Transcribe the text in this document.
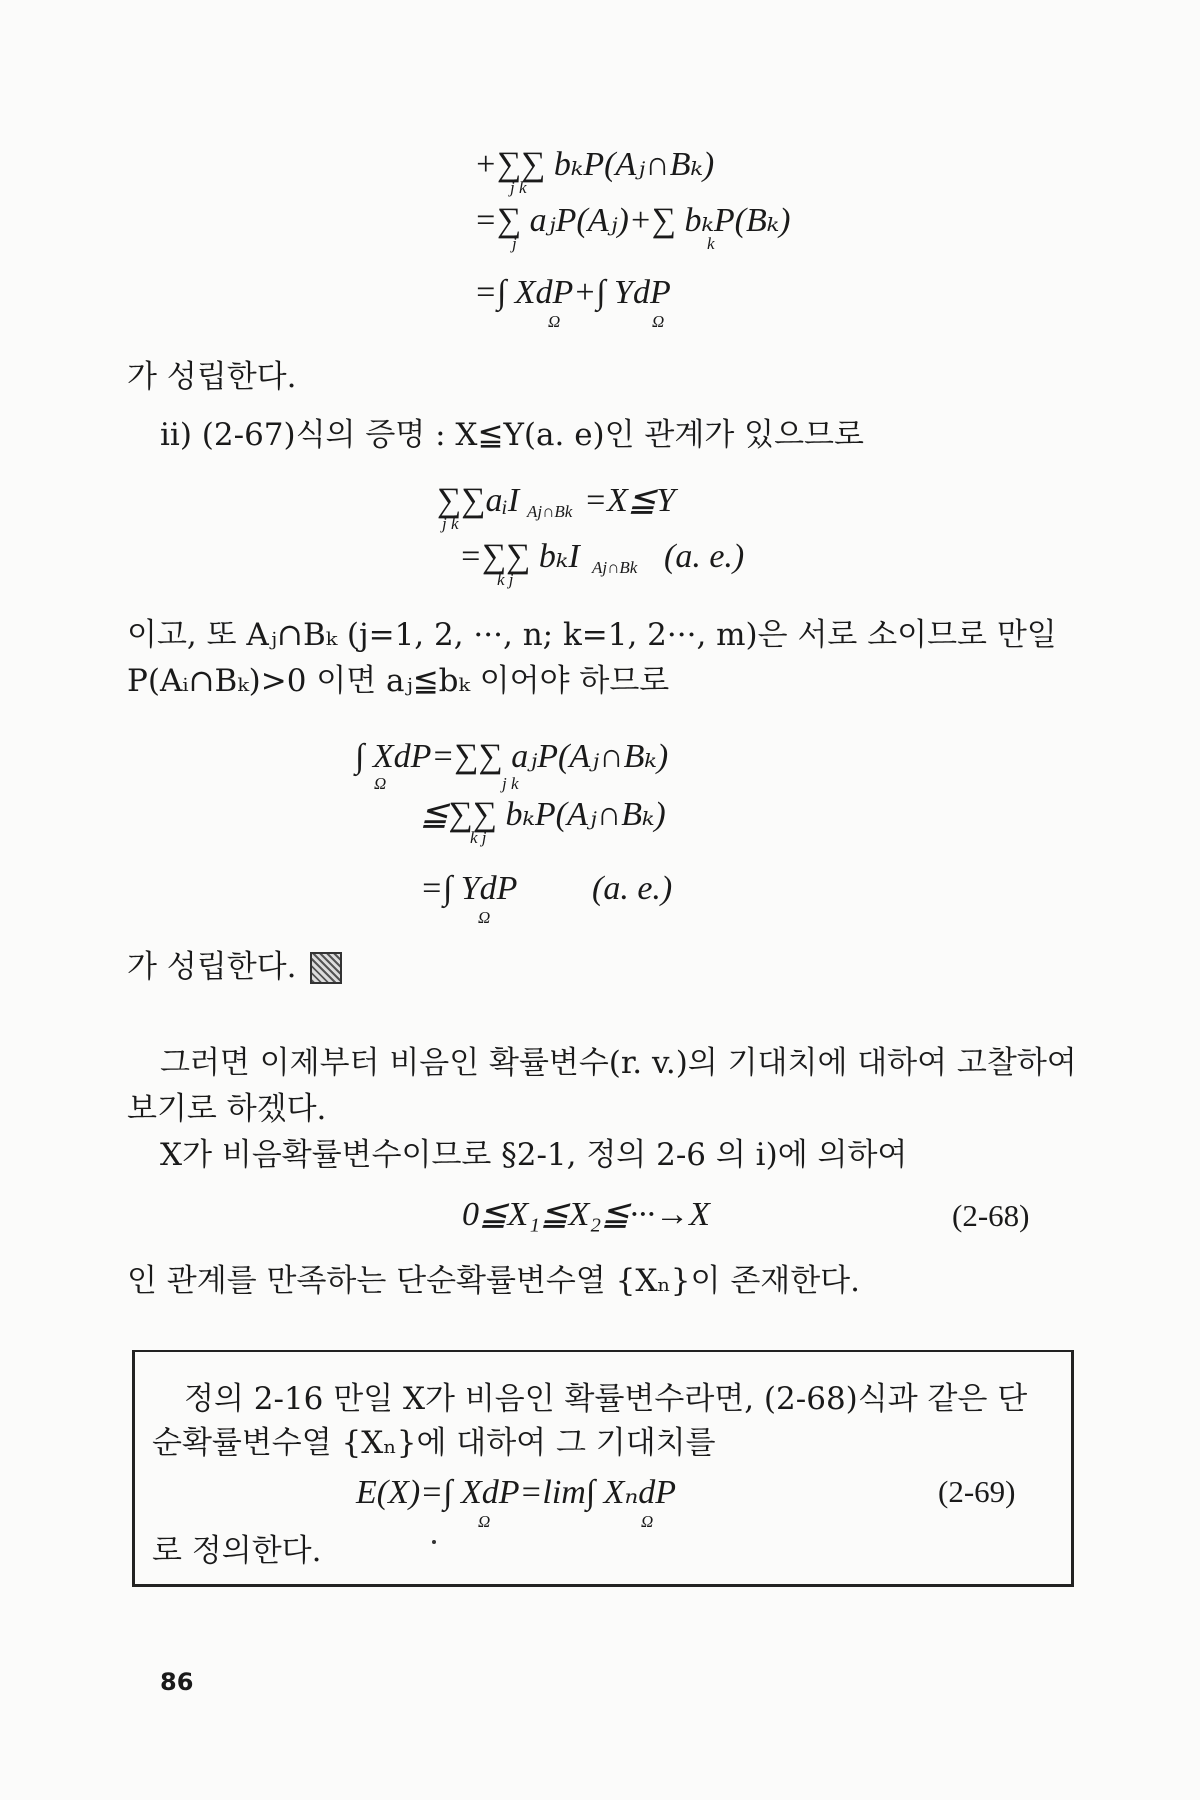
+∑∑ bₖP(Aⱼ∩Bₖ)
j k
=∑ aⱼP(Aⱼ)+∑ bₖP(Bₖ)
j	k
=∫ XdP+∫ YdP
Ω	Ω
가 성립한다.
ii) (2-67)식의 증명 : X≦Y(a. e)인 관계가 있으므로
∑∑aᵢI Aj∩Bk =X≦Y
j k
=∑∑ bₖI Aj∩Bk (a. e.)
k j
이고, 또 Aⱼ∩Bₖ (j=1, 2, ···, n; k=1, 2···, m)은 서로 소이므로 만일
P(Aᵢ∩Bₖ)>0 이면 aⱼ≦bₖ 이어야 하므로
∫ XdP=∑∑ aⱼP(Aⱼ∩Bₖ)
Ω	j k
≦∑∑ bₖP(Aⱼ∩Bₖ)
k j
=∫ YdP
Ω
(a. e.)
가 성립한다.
그러면 이제부터 비음인 확률변수(r. v.)의 기대치에 대하여 고찰하여
보기로 하겠다.
X가 비음확률변수이므로 §2-1, 정의 2-6 의 i)에 의하여
0≦X₁≦X₂≦···→X	(2-68)
인 관계를 만족하는 단순확률변수열 {Xₙ}이 존재한다.
정의 2-16 만일 X가 비음인 확률변수라면, (2-68)식과 같은 단
순확률변수열 {Xₙ}에 대하여 그 기대치를
E(X)=∫ XdP=lim∫ XₙdP
Ω	Ω
(2-69)
로 정의한다.
86
